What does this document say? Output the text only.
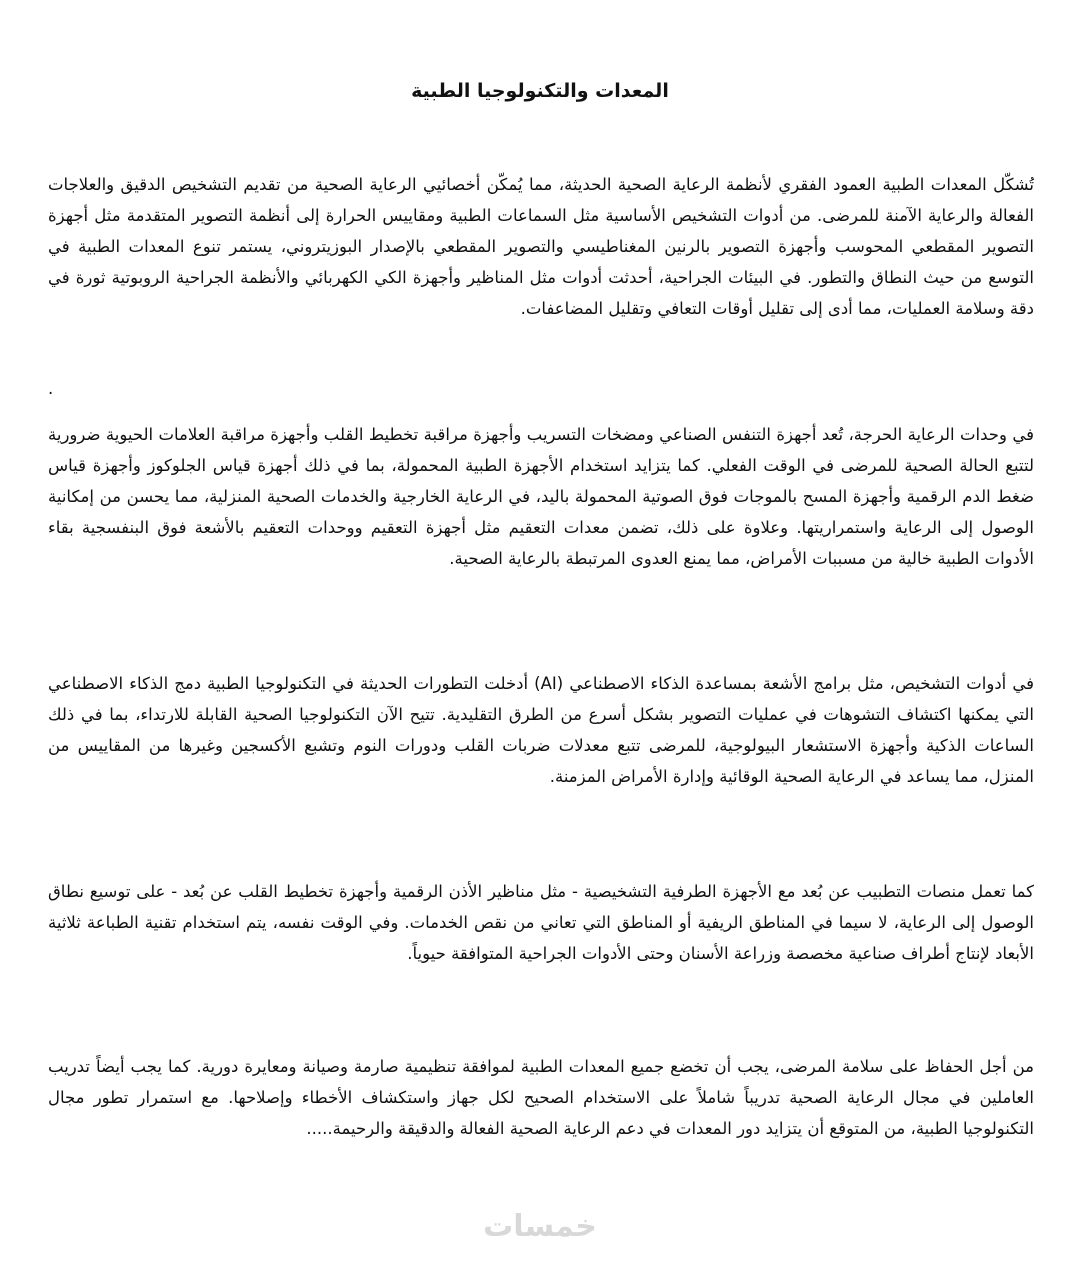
المعدات والتكنولوجيا الطبية

تُشكّل المعدات الطبية العمود الفقري لأنظمة الرعاية الصحية الحديثة، مما يُمكّن أخصائيي الرعاية الصحية من تقديم التشخيص الدقيق والعلاجات الفعالة والرعاية الآمنة للمرضى. من أدوات التشخيص الأساسية مثل السماعات الطبية ومقاييس الحرارة إلى أنظمة التصوير المتقدمة مثل أجهزة التصوير المقطعي المحوسب وأجهزة التصوير بالرنين المغناطيسي والتصوير المقطعي بالإصدار البوزيتروني، يستمر تنوع المعدات الطبية في التوسع من حيث النطاق والتطور. في البيئات الجراحية، أحدثت أدوات مثل المناظير وأجهزة الكي الكهربائي والأنظمة الجراحية الروبوتية ثورة في دقة وسلامة العمليات، مما أدى إلى تقليل أوقات التعافي وتقليل المضاعفات.

.

في وحدات الرعاية الحرجة، تُعد أجهزة التنفس الصناعي ومضخات التسريب وأجهزة مراقبة تخطيط القلب وأجهزة مراقبة العلامات الحيوية ضرورية لتتبع الحالة الصحية للمرضى في الوقت الفعلي. كما يتزايد استخدام الأجهزة الطبية المحمولة، بما في ذلك أجهزة قياس الجلوكوز وأجهزة قياس ضغط الدم الرقمية وأجهزة المسح بالموجات فوق الصوتية المحمولة باليد، في الرعاية الخارجية والخدمات الصحية المنزلية، مما يحسن من إمكانية الوصول إلى الرعاية واستمراريتها. وعلاوة على ذلك، تضمن معدات التعقيم مثل أجهزة التعقيم ووحدات التعقيم بالأشعة فوق البنفسجية بقاء الأدوات الطبية خالية من مسببات الأمراض، مما يمنع العدوى المرتبطة بالرعاية الصحية.

في أدوات التشخيص، مثل برامج الأشعة بمساعدة الذكاء الاصطناعي (AI) أدخلت التطورات الحديثة في التكنولوجيا الطبية دمج الذكاء الاصطناعي التي يمكنها اكتشاف التشوهات في عمليات التصوير بشكل أسرع من الطرق التقليدية. تتيح الآن التكنولوجيا الصحية القابلة للارتداء، بما في ذلك الساعات الذكية وأجهزة الاستشعار البيولوجية، للمرضى تتبع معدلات ضربات القلب ودورات النوم وتشبع الأكسجين وغيرها من المقاييس من المنزل، مما يساعد في الرعاية الصحية الوقائية وإدارة الأمراض المزمنة.

كما تعمل منصات التطبيب عن بُعد مع الأجهزة الطرفية التشخيصية - مثل مناظير الأذن الرقمية وأجهزة تخطيط القلب عن بُعد - على توسيع نطاق الوصول إلى الرعاية، لا سيما في المناطق الريفية أو المناطق التي تعاني من نقص الخدمات. وفي الوقت نفسه، يتم استخدام تقنية الطباعة ثلاثية الأبعاد لإنتاج أطراف صناعية مخصصة وزراعة الأسنان وحتى الأدوات الجراحية المتوافقة حيوياً.

من أجل الحفاظ على سلامة المرضى، يجب أن تخضع جميع المعدات الطبية لموافقة تنظيمية صارمة وصيانة ومعايرة دورية. كما يجب أيضاً تدريب العاملين في مجال الرعاية الصحية تدريباً شاملاً على الاستخدام الصحيح لكل جهاز واستكشاف الأخطاء وإصلاحها. مع استمرار تطور مجال التكنولوجيا الطبية، من المتوقع أن يتزايد دور المعدات في دعم الرعاية الصحية الفعالة والدقيقة والرحيمة.....

خمسات
